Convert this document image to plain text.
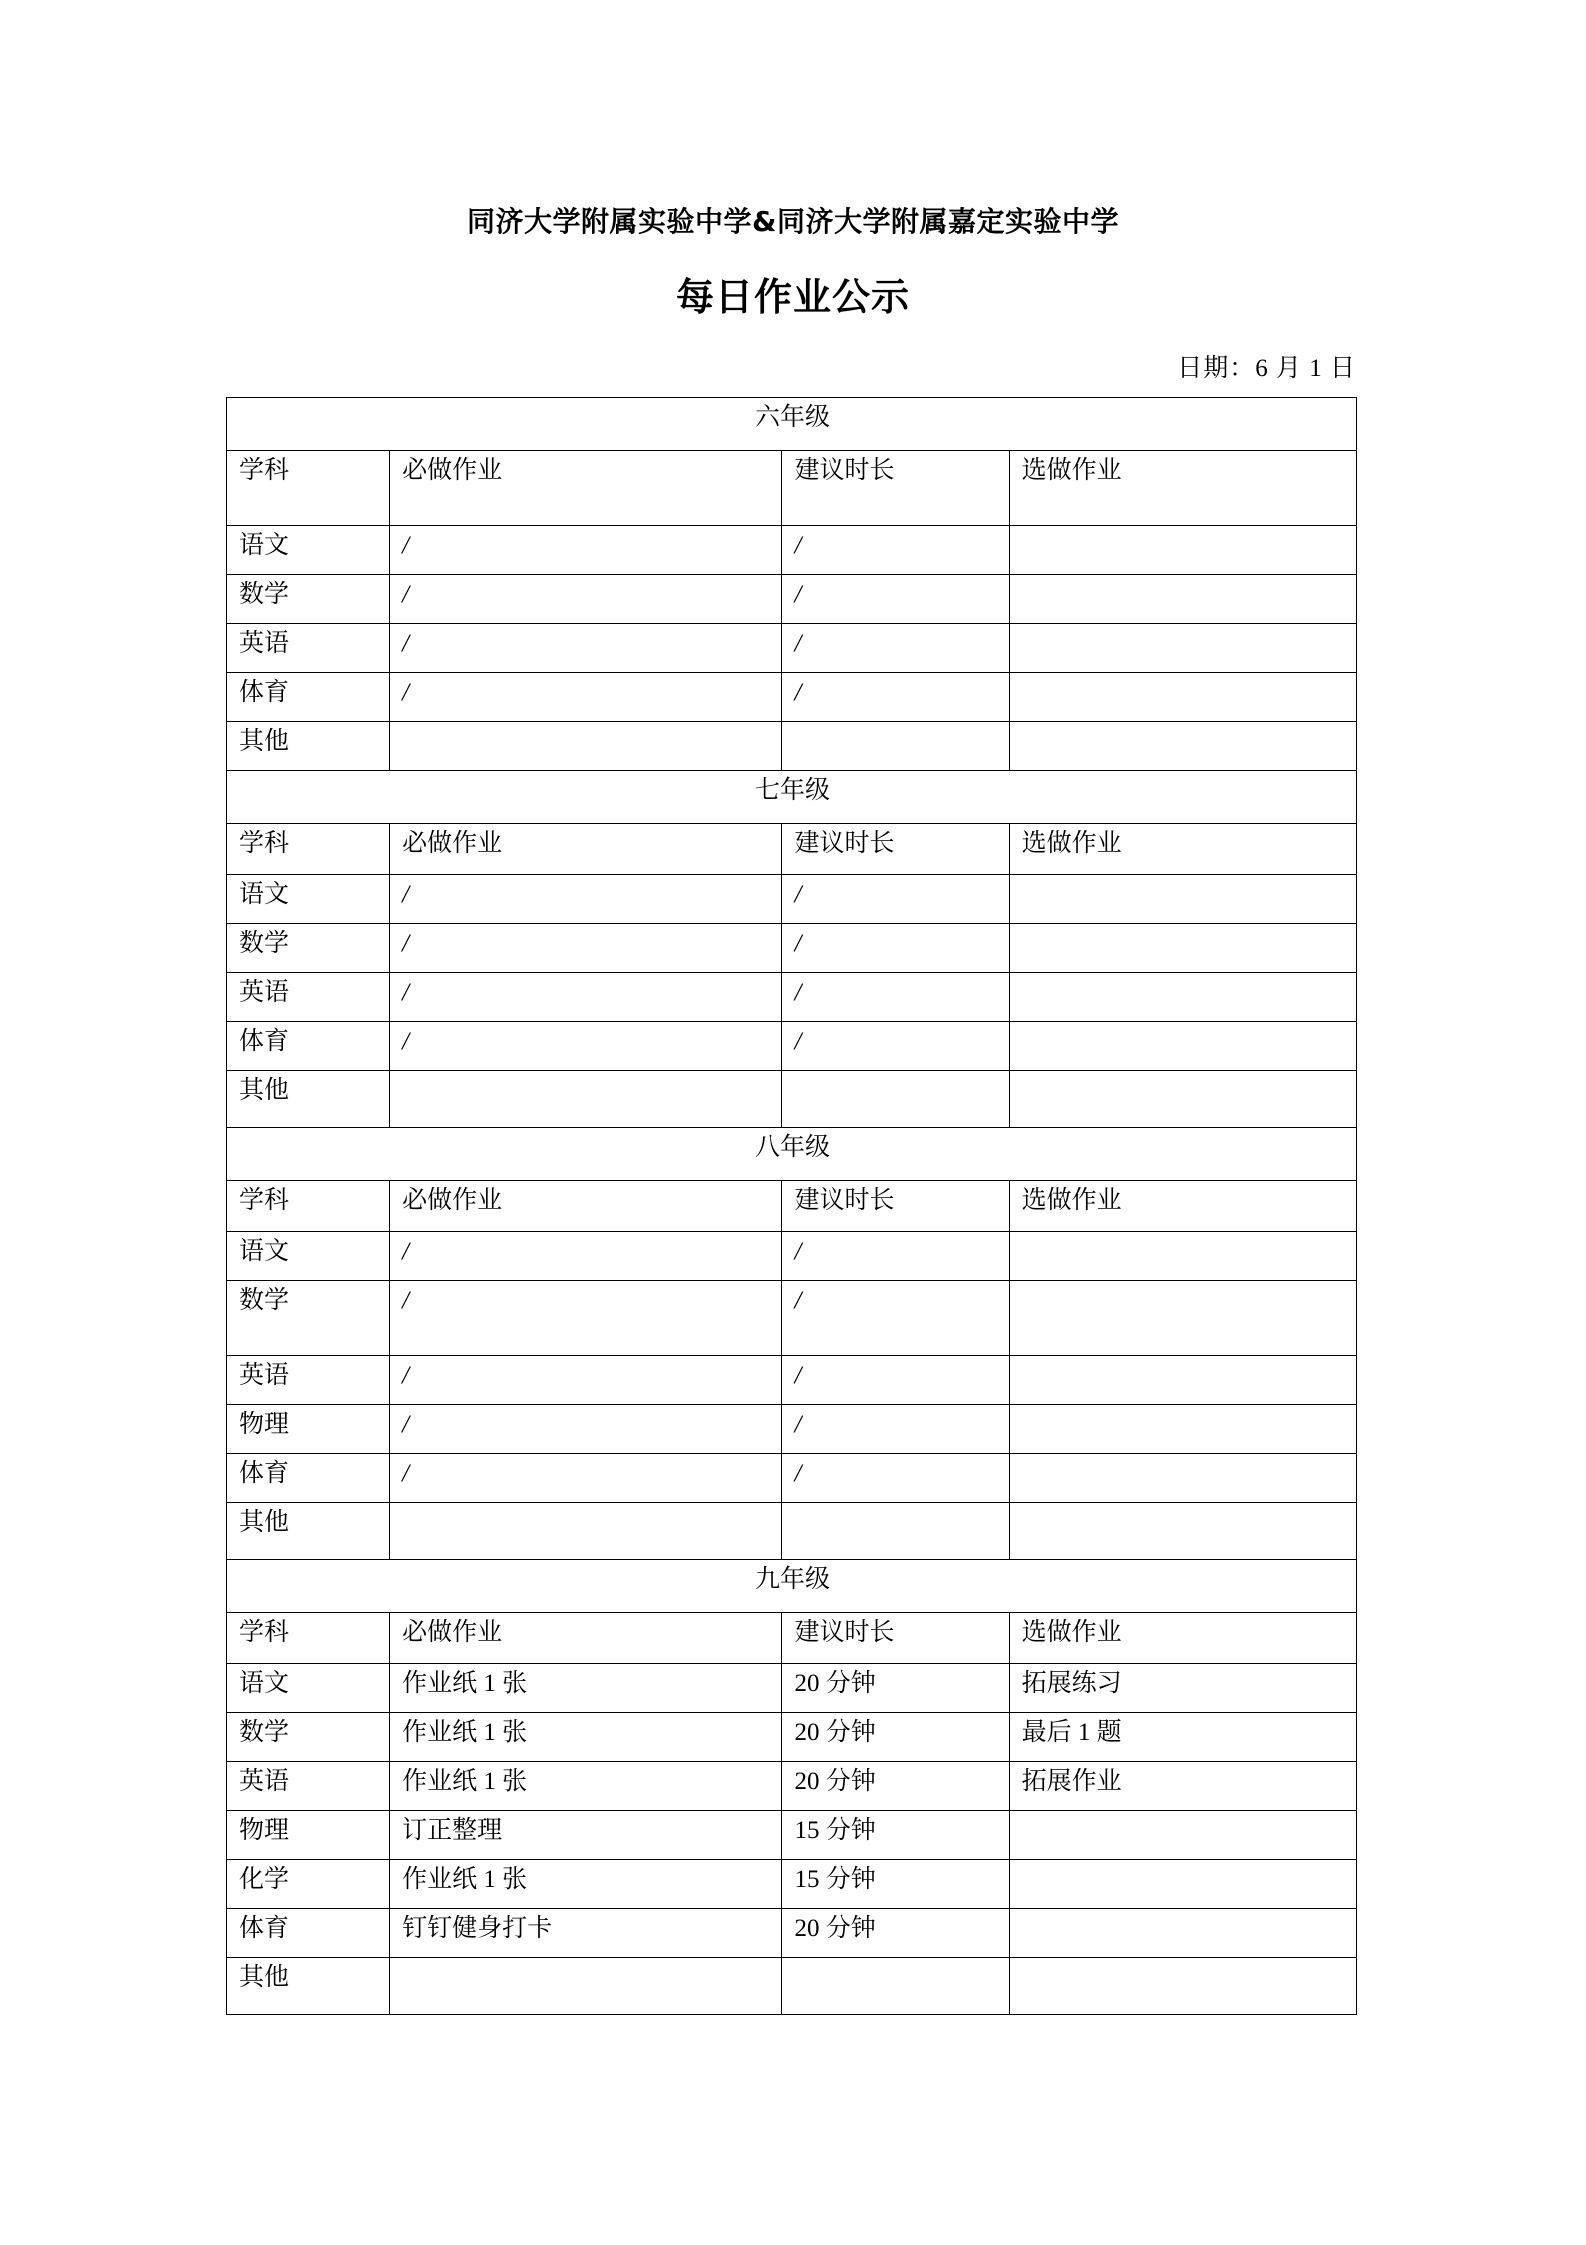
同济大学附属实验中学&同济大学附属嘉定实验中学
每日作业公示
日期：6 月 1 日
六年级			
学科	必做作业	建议时长	选做作业
语文	/	/	
数学	/	/	
英语	/	/	
体育	/	/	
其他			
七年级			
学科	必做作业	建议时长	选做作业
语文	/	/	
数学	/	/	
英语	/	/	
体育	/	/	
其他			
八年级			
学科	必做作业	建议时长	选做作业
语文	/	/	
数学	/	/	
英语	/	/	
物理	/	/	
体育	/	/	
其他			
九年级			
学科	必做作业	建议时长	选做作业
语文	作业纸 1 张	20 分钟	拓展练习
数学	作业纸 1 张	20 分钟	最后 1 题
英语	作业纸 1 张	20 分钟	拓展作业
物理	订正整理	15 分钟	
化学	作业纸 1 张	15 分钟	
体育	钉钉健身打卡	20 分钟	
其他			
